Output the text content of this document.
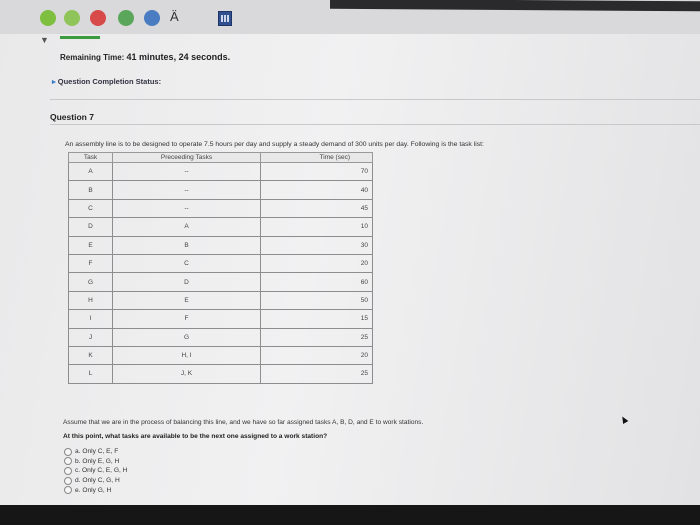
Ä
▼
Remaining Time: 41 minutes, 24 seconds.
▸ Question Completion Status:
Question 7
An assembly line is to be designed to operate 7.5 hours per day and supply a steady demand of 300 units per day. Following is the task list:
Task	Preceeding Tasks	Time (sec)
A	--	70
B	--	40
C	--	45
D	A	10
E	B	30
F	C	20
G	D	60
H	E	50
I	F	15
J	G	25
K	H, I	20
L	J, K	25
Assume that we are in the process of balancing this line, and we have so far assigned tasks A, B, D, and E to work stations.
At this point, what tasks are available to be the next one assigned to a work station?
a. Only C, E, F
b. Only E, G, H
c. Only C, E, G, H
d. Only C, G, H
e. Only G, H
